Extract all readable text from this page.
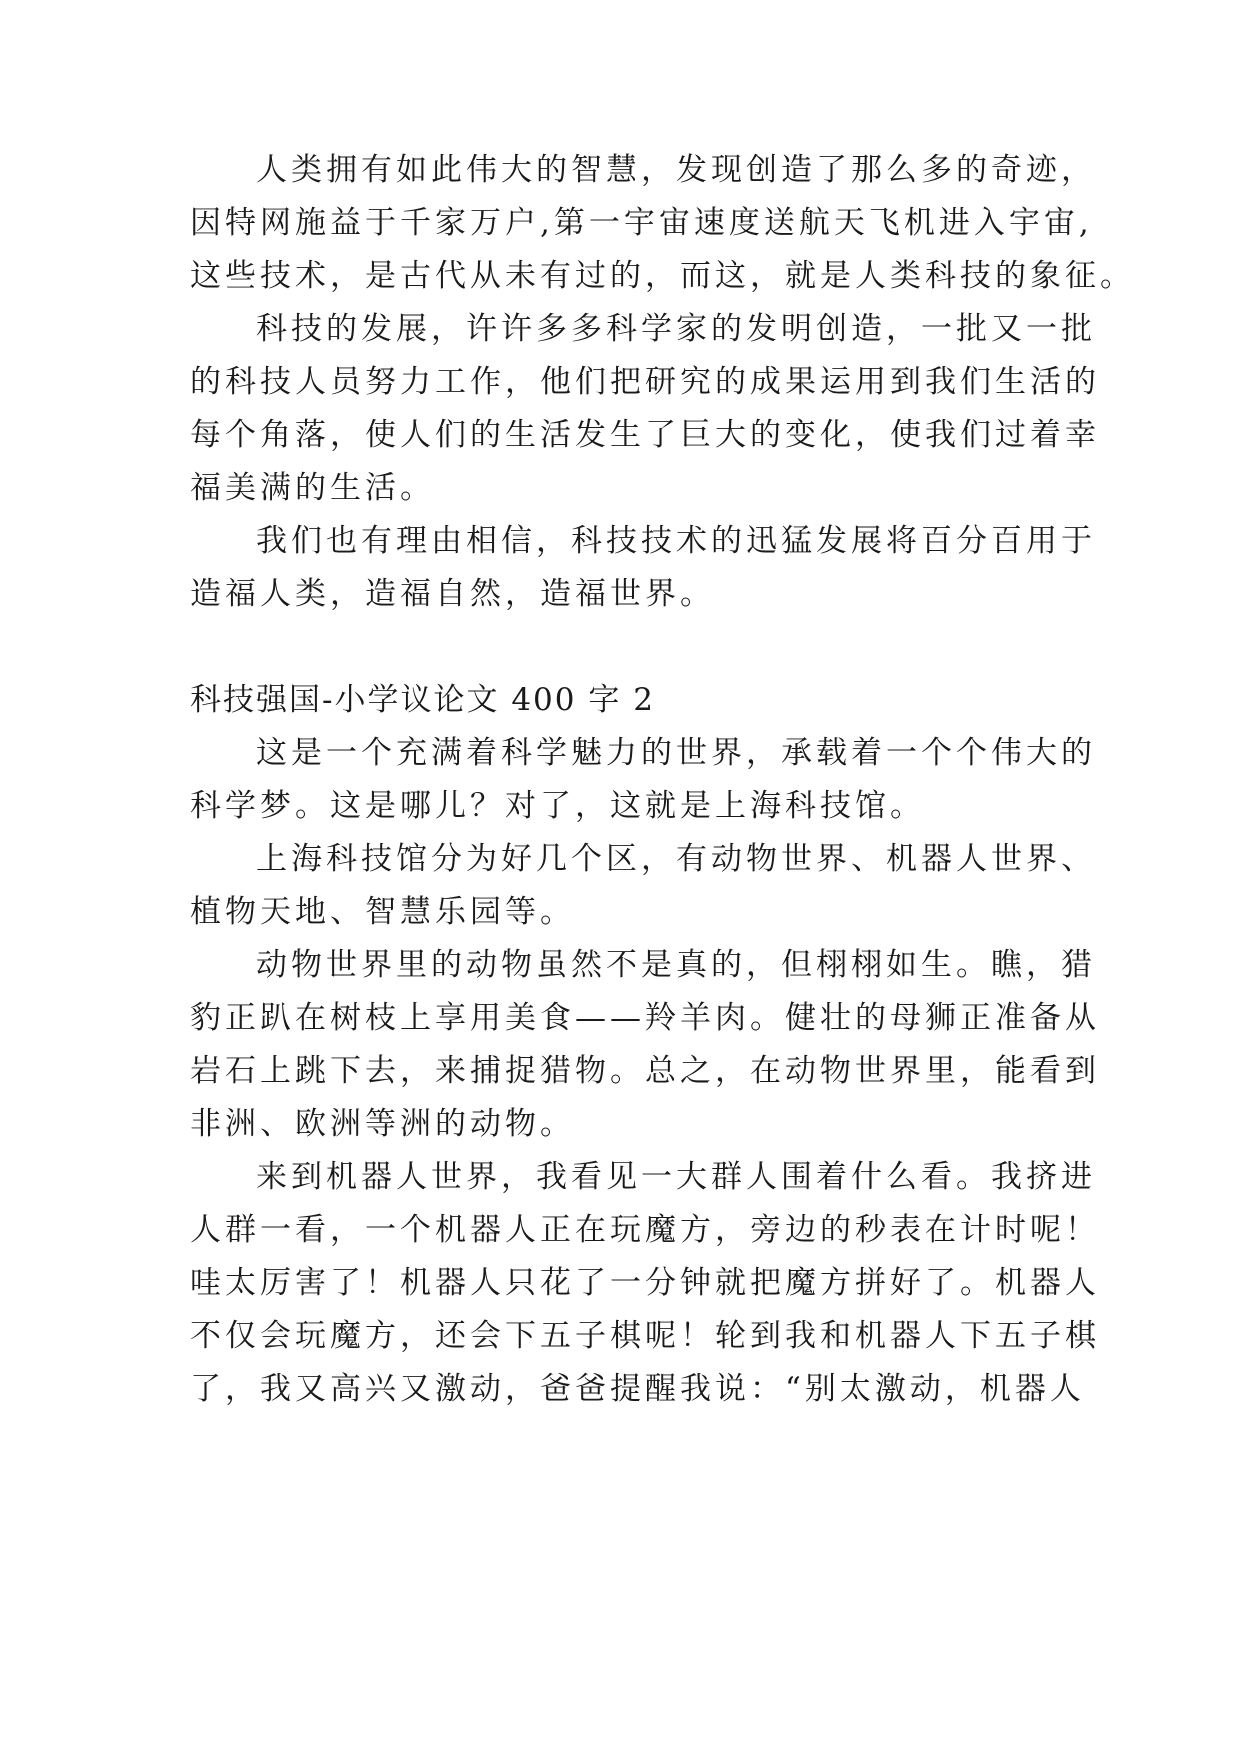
人类拥有如此伟大的智慧，发现创造了那么多的奇迹，
因特网施益于千家万户,第一宇宙速度送航天飞机进入宇宙,
这些技术，是古代从未有过的，而这，就是人类科技的象征。
科技的发展，许许多多科学家的发明创造，一批又一批
的科技人员努力工作，他们把研究的成果运用到我们生活的
每个角落，使人们的生活发生了巨大的变化，使我们过着幸
福美满的生活。
我们也有理由相信，科技技术的迅猛发展将百分百用于
造福人类，造福自然，造福世界。
科技强国-小学议论文 400 字 2
这是一个充满着科学魅力的世界，承载着一个个伟大的
科学梦。这是哪儿？对了，这就是上海科技馆。
上海科技馆分为好几个区，有动物世界、机器人世界、
植物天地、智慧乐园等。
动物世界里的动物虽然不是真的，但栩栩如生。瞧，猎
豹正趴在树枝上享用美食——羚羊肉。健壮的母狮正准备从
岩石上跳下去，来捕捉猎物。总之，在动物世界里，能看到
非洲、欧洲等洲的动物。
来到机器人世界，我看见一大群人围着什么看。我挤进
人群一看，一个机器人正在玩魔方，旁边的秒表在计时呢！
哇太厉害了！机器人只花了一分钟就把魔方拼好了。机器人
不仅会玩魔方，还会下五子棋呢！轮到我和机器人下五子棋
了，我又高兴又激动，爸爸提醒我说：“别太激动，机器人
